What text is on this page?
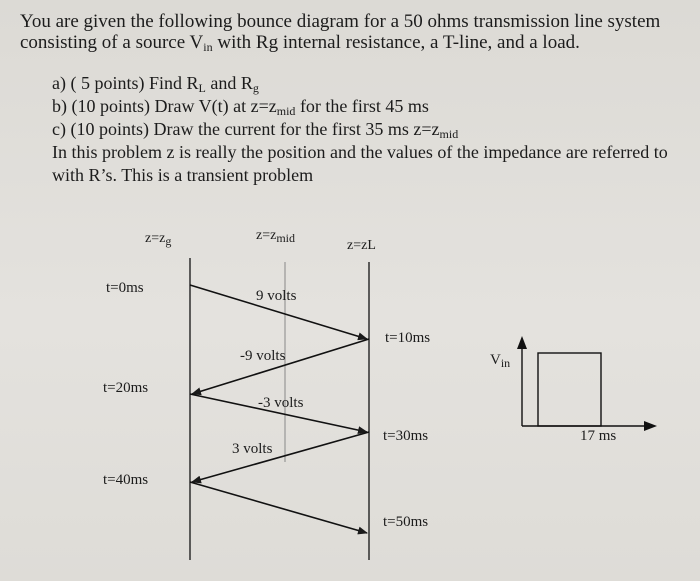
You are given the following bounce diagram for a 50 ohms transmission line system
consisting of a source $V_{in}$ with Rg internal resistance, a T-line, and a load.
a) ( 5 points) Find $R_L$ and $R_g$
b) (10 points) Draw V(t) at $z=z_{mid}$ for the first 45 ms
c) (10 points) Draw the current for the first 35 ms $z=z_{mid}$
In this problem z is really the position and the values of the impedance are referred to
with R’s. This is a transient problem
z=zg	z=zmid	z=zL
t=0ms
t=10ms
t=20ms
t=30ms
t=40ms
t=50ms
9 volts
-9 volts
-3 volts
3 volts
$V_{in}$
17 ms
